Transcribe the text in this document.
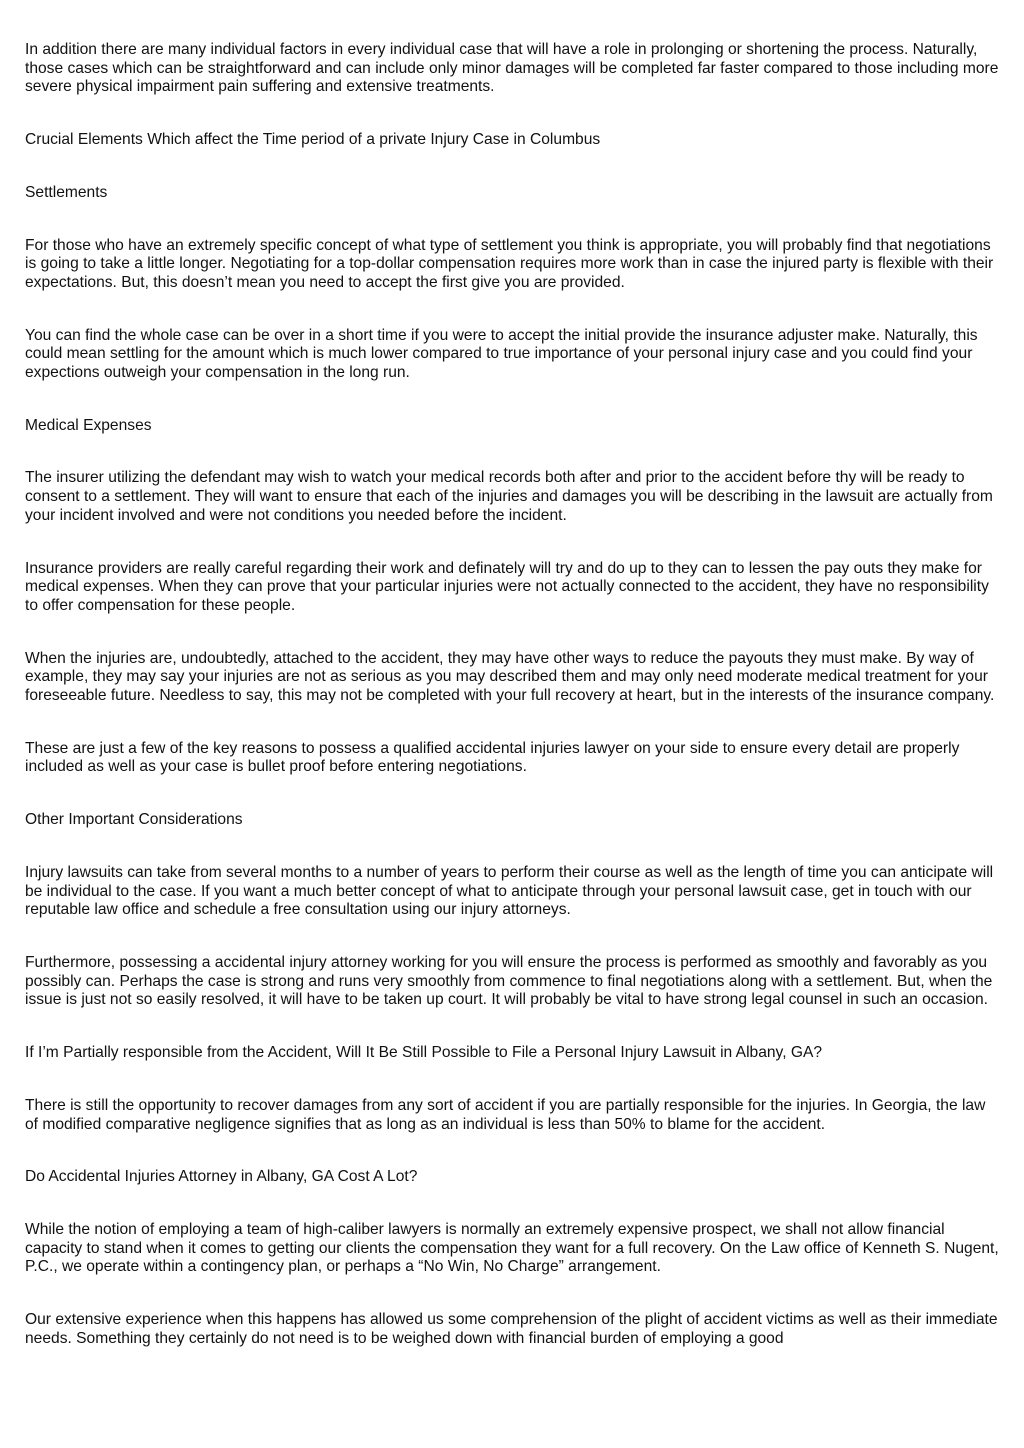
In addition there are many individual factors in every individual case that will have a role in prolonging or shortening the process. Naturally, those cases which can be straightforward and can include only minor damages will be completed far faster compared to those including more severe physical impairment pain suffering and extensive treatments.

Crucial Elements Which affect the Time period of a private Injury Case in Columbus

Settlements

For those who have an extremely specific concept of what type of settlement you think is appropriate, you will probably find that negotiations is going to take a little longer. Negotiating for a top-dollar compensation requires more work than in case the injured party is flexible with their expectations. But, this doesn’t mean you need to accept the first give you are provided.

You can find the whole case can be over in a short time if you were to accept the initial provide the insurance adjuster make. Naturally, this could mean settling for the amount which is much lower compared to true importance of your personal injury case and you could find your expections outweigh your compensation in the long run.

Medical Expenses

The insurer utilizing the defendant may wish to watch your medical records both after and prior to the accident before thy will be ready to consent to a settlement. They will want to ensure that each of the injuries and damages you will be describing in the lawsuit are actually from your incident involved and were not conditions you needed before the incident.

Insurance providers are really careful regarding their work and definately will try and do up to they can to lessen the pay outs they make for medical expenses. When they can prove that your particular injuries were not actually connected to the accident, they have no responsibility to offer compensation for these people.

When the injuries are, undoubtedly, attached to the accident, they may have other ways to reduce the payouts they must make. By way of example, they may say your injuries are not as serious as you may described them and may only need moderate medical treatment for your foreseeable future. Needless to say, this may not be completed with your full recovery at heart, but in the interests of the insurance company.

These are just a few of the key reasons to possess a qualified accidental injuries lawyer on your side to ensure every detail are properly included as well as your case is bullet proof before entering negotiations.

Other Important Considerations

Injury lawsuits can take from several months to a number of years to perform their course as well as the length of time you can anticipate will be individual to the case. If you want a much better concept of what to anticipate through your personal lawsuit case, get in touch with our reputable law office and schedule a free consultation using our injury attorneys.

Furthermore, possessing a accidental injury attorney working for you will ensure the process is performed as smoothly and favorably as you possibly can. Perhaps the case is strong and runs very smoothly from commence to final negotiations along with a settlement. But, when the issue is just not so easily resolved, it will have to be taken up court. It will probably be vital to have strong legal counsel in such an occasion.

If I’m Partially responsible from the Accident, Will It Be Still Possible to File a Personal Injury Lawsuit in Albany, GA?

There is still the opportunity to recover damages from any sort of accident if you are partially responsible for the injuries. In Georgia, the law of modified comparative negligence signifies that as long as an individual is less than 50% to blame for the accident.

Do Accidental Injuries Attorney in Albany, GA Cost A Lot?

While the notion of employing a team of high-caliber lawyers is normally an extremely expensive prospect, we shall not allow financial capacity to stand when it comes to getting our clients the compensation they want for a full recovery. On the Law office of Kenneth S. Nugent, P.C., we operate within a contingency plan, or perhaps a “No Win, No Charge” arrangement.

Our extensive experience when this happens has allowed us some comprehension of the plight of accident victims as well as their immediate needs. Something they certainly do not need is to be weighed down with financial burden of employing a good
